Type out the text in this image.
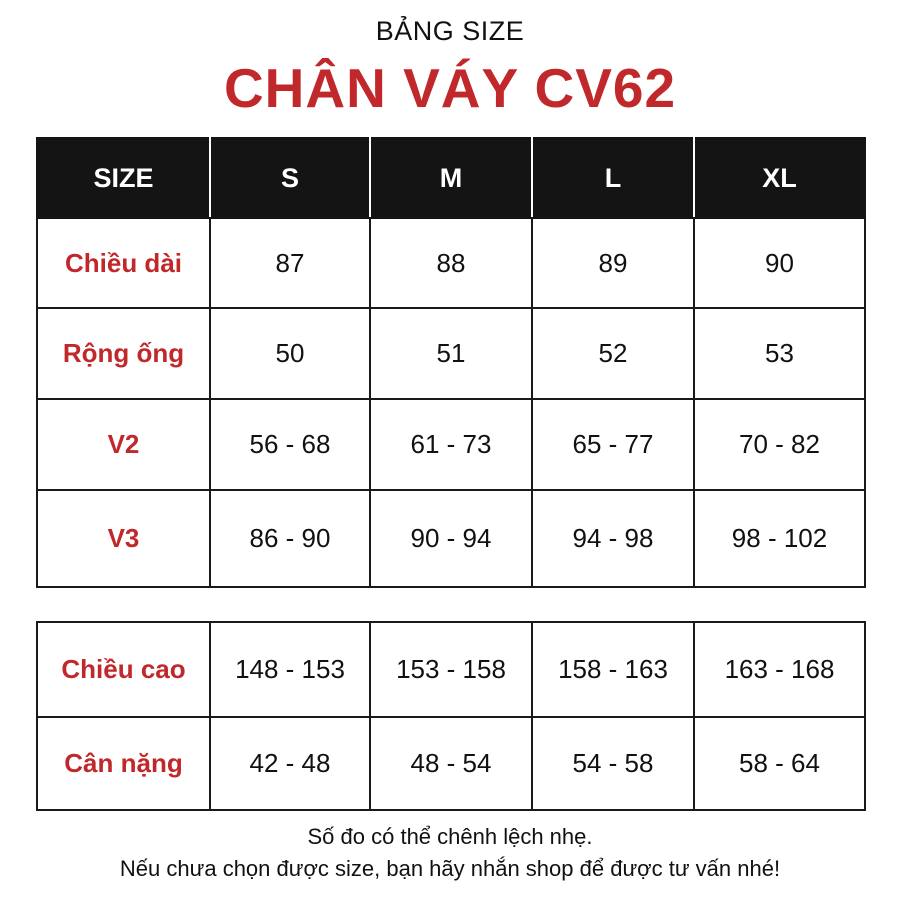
BẢNG SIZE
CHÂN VÁY CV62
SIZE	S	M	L	XL
Chiều dài	87	88	89	90
Rộng ống	50	51	52	53
V2	56 - 68	61 - 73	65 - 77	70 - 82
V3	86 - 90	90 - 94	94 - 98	98 - 102
Chiều cao	148 - 153	153 - 158	158 - 163	163 - 168
Cân nặng	42 - 48	48 - 54	54 - 58	58 - 64
Số đo có thể chênh lệch nhẹ.
Nếu chưa chọn được size, bạn hãy nhắn shop để được tư vấn nhé!
